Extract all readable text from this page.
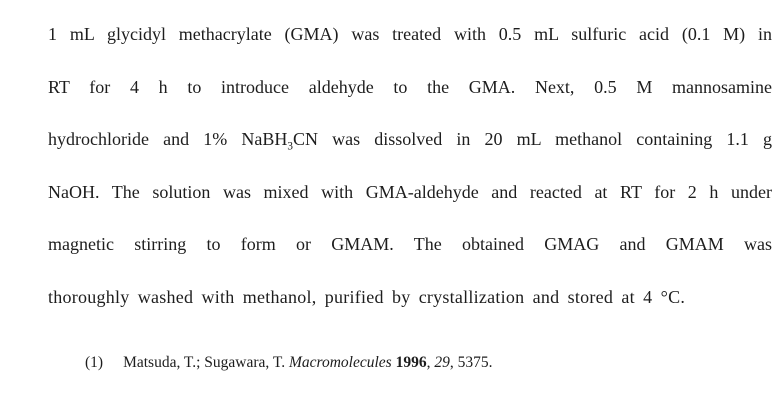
1 mL glycidyl methacrylate (GMA) was treated with 0.5 mL sulfuric acid (0.1 M) in
RT for 4 h to introduce aldehyde to the GMA. Next, 0.5 M mannosamine
hydrochloride and 1% NaBH$_3$CN was dissolved in 20 mL methanol containing 1.1 g
NaOH. The solution was mixed with GMA-aldehyde and reacted at RT for 2 h under
magnetic stirring to form or GMAM. The obtained GMAG and GMAM was
thoroughly washed with methanol, purified by crystallization and stored at 4 °C.
(1) Matsuda, T.; Sugawara, T. Macromolecules 1996, 29, 5375.
